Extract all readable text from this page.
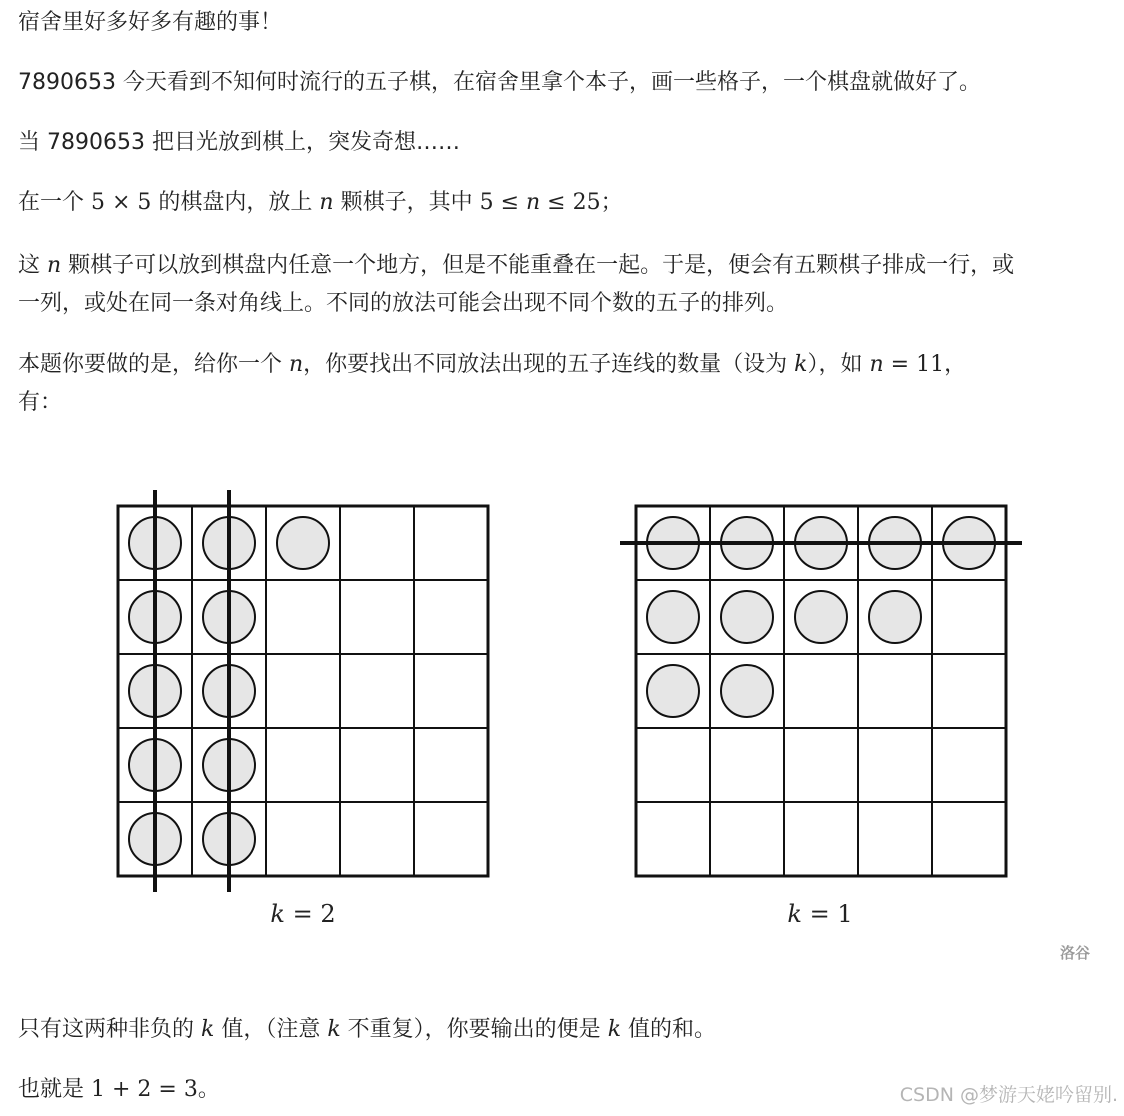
宿舍里好多好多有趣的事！

7890653 今天看到不知何时流行的五子棋，在宿舍里拿个本子，画一些格子，一个棋盘就做好了。

当 7890653 把目光放到棋上，突发奇想……

在一个 5 × 5 的棋盘内，放上 n 颗棋子，其中 5 ≤ n ≤ 25；

这 n 颗棋子可以放到棋盘内任意一个地方，但是不能重叠在一起。于是，便会有五颗棋子排成一行，或
一列，或处在同一条对角线上。不同的放法可能会出现不同个数的五子的排列。

本题你要做的是，给你一个 n，你要找出不同放法出现的五子连线的数量（设为 k），如 n = 11，
有：

k = 2	k = 1
洛谷

只有这两种非负的 k 值，（注意 k 不重复），你要输出的便是 k 值的和。

也就是 1 + 2 = 3。	CSDN @梦游天姥吟留别.
